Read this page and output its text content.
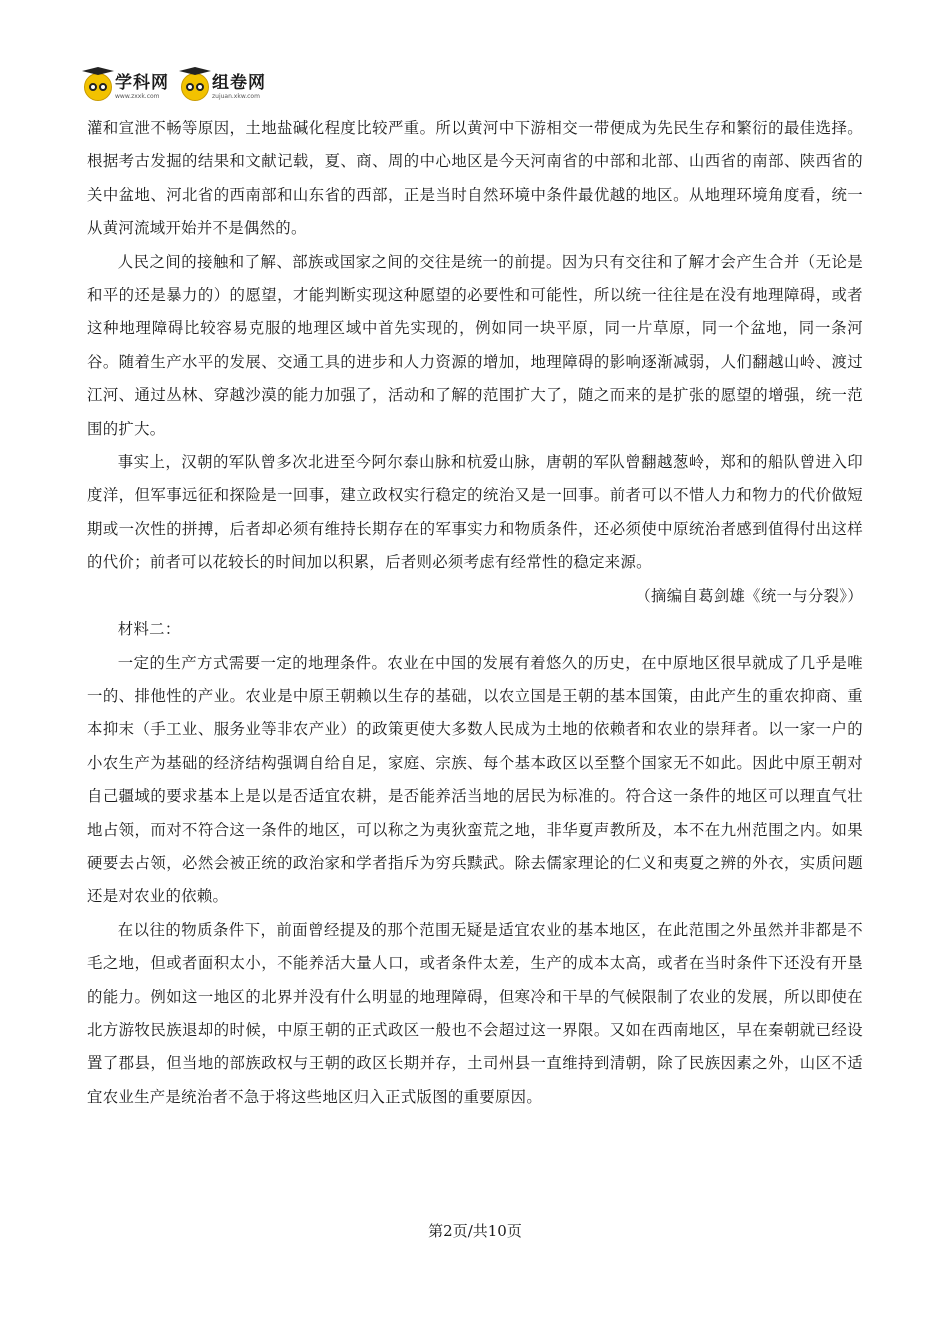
学科网
www.zxxk.com
组卷网
zujuan.xkw.com

灌和宣泄不畅等原因，土地盐碱化程度比较严重。所以黄河中下游相交一带便成为先民生存和繁衍的最佳选择。根据考古发掘的结果和文献记载，夏、商、周的中心地区是今天河南省的中部和北部、山西省的南部、陕西省的关中盆地、河北省的西南部和山东省的西部，正是当时自然环境中条件最优越的地区。从地理环境角度看，统一从黄河流域开始并不是偶然的。

人民之间的接触和了解、部族或国家之间的交往是统一的前提。因为只有交往和了解才会产生合并（无论是和平的还是暴力的）的愿望，才能判断实现这种愿望的必要性和可能性，所以统一往往是在没有地理障碍，或者这种地理障碍比较容易克服的地理区域中首先实现的，例如同一块平原，同一片草原，同一个盆地，同一条河谷。随着生产水平的发展、交通工具的进步和人力资源的增加，地理障碍的影响逐渐减弱，人们翻越山岭、渡过江河、通过丛林、穿越沙漠的能力加强了，活动和了解的范围扩大了，随之而来的是扩张的愿望的增强，统一范围的扩大。

事实上，汉朝的军队曾多次北进至今阿尔泰山脉和杭爱山脉，唐朝的军队曾翻越葱岭，郑和的船队曾进入印度洋，但军事远征和探险是一回事，建立政权实行稳定的统治又是一回事。前者可以不惜人力和物力的代价做短期或一次性的拼搏，后者却必须有维持长期存在的军事实力和物质条件，还必须使中原统治者感到值得付出这样的代价；前者可以花较长的时间加以积累，后者则必须考虑有经常性的稳定来源。

（摘编自葛剑雄《统一与分裂》）

材料二：

一定的生产方式需要一定的地理条件。农业在中国的发展有着悠久的历史，在中原地区很早就成了几乎是唯一的、排他性的产业。农业是中原王朝赖以生存的基础，以农立国是王朝的基本国策，由此产生的重农抑商、重本抑末（手工业、服务业等非农产业）的政策更使大多数人民成为土地的依赖者和农业的崇拜者。以一家一户的小农生产为基础的经济结构强调自给自足，家庭、宗族、每个基本政区以至整个国家无不如此。因此中原王朝对自己疆域的要求基本上是以是否适宜农耕，是否能养活当地的居民为标准的。符合这一条件的地区可以理直气壮地占领，而对不符合这一条件的地区，可以称之为夷狄蛮荒之地，非华夏声教所及，本不在九州范围之内。如果硬要去占领，必然会被正统的政治家和学者指斥为穷兵黩武。除去儒家理论的仁义和夷夏之辨的外衣，实质问题还是对农业的依赖。

在以往的物质条件下，前面曾经提及的那个范围无疑是适宜农业的基本地区，在此范围之外虽然并非都是不毛之地，但或者面积太小，不能养活大量人口，或者条件太差，生产的成本太高，或者在当时条件下还没有开垦的能力。例如这一地区的北界并没有什么明显的地理障碍，但寒冷和干旱的气候限制了农业的发展，所以即使在北方游牧民族退却的时候，中原王朝的正式政区一般也不会超过这一界限。又如在西南地区，早在秦朝就已经设置了郡县，但当地的部族政权与王朝的政区长期并存，土司州县一直维持到清朝，除了民族因素之外，山区不适宜农业生产是统治者不急于将这些地区归入正式版图的重要原因。

第2页/共10页
